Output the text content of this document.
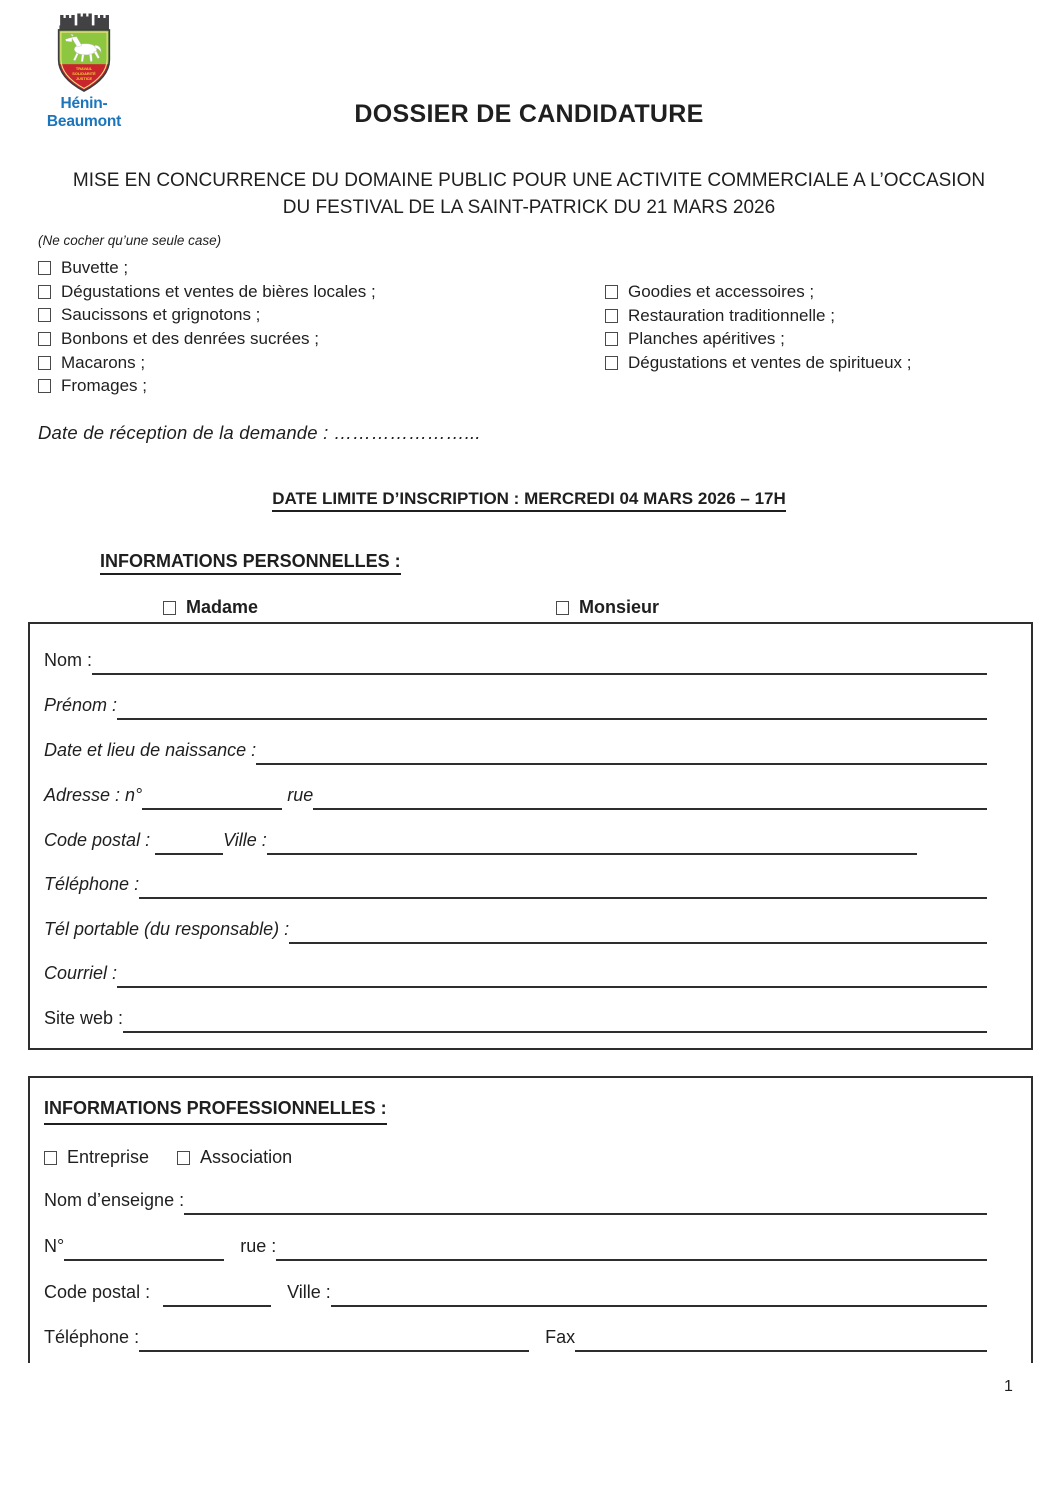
TRAVAIL
SOLIDARITÉ
JUSTICE
Hénin-Beaumont	DOSSIER DE CANDIDATURE
MISE EN CONCURRENCE DU DOMAINE PUBLIC POUR UNE ACTIVITE COMMERCIALE A L’OCCASION DU FESTIVAL DE LA SAINT-PATRICK DU 21 MARS 2026
(Ne cocher qu’une seule case)
Buvette ;
Dégustations et ventes de bières locales ;
Saucissons et grignotons ;
Bonbons et des denrées sucrées ;
Macarons ;
Fromages ;
Goodies et accessoires ;
Restauration traditionnelle ;
Planches apéritives ;
Dégustations et ventes de spiritueux ;
Date de réception de la demande : …………………...
DATE LIMITE D’INSCRIPTION : MERCREDI 04 MARS 2026 – 17H
INFORMATIONS PERSONNELLES :
Madame	Monsieur
Nom :
Prénom :
Date et lieu de naissance :
Adresse : n°	rue
Code postal :	Ville :
Téléphone :
Tél portable (du responsable) :
Courriel :
Site web :
INFORMATIONS PROFESSIONNELLES :
Entreprise	Association
Nom d’enseigne :
N°	rue :
Code postal :	Ville :
Téléphone :	Fax
1
